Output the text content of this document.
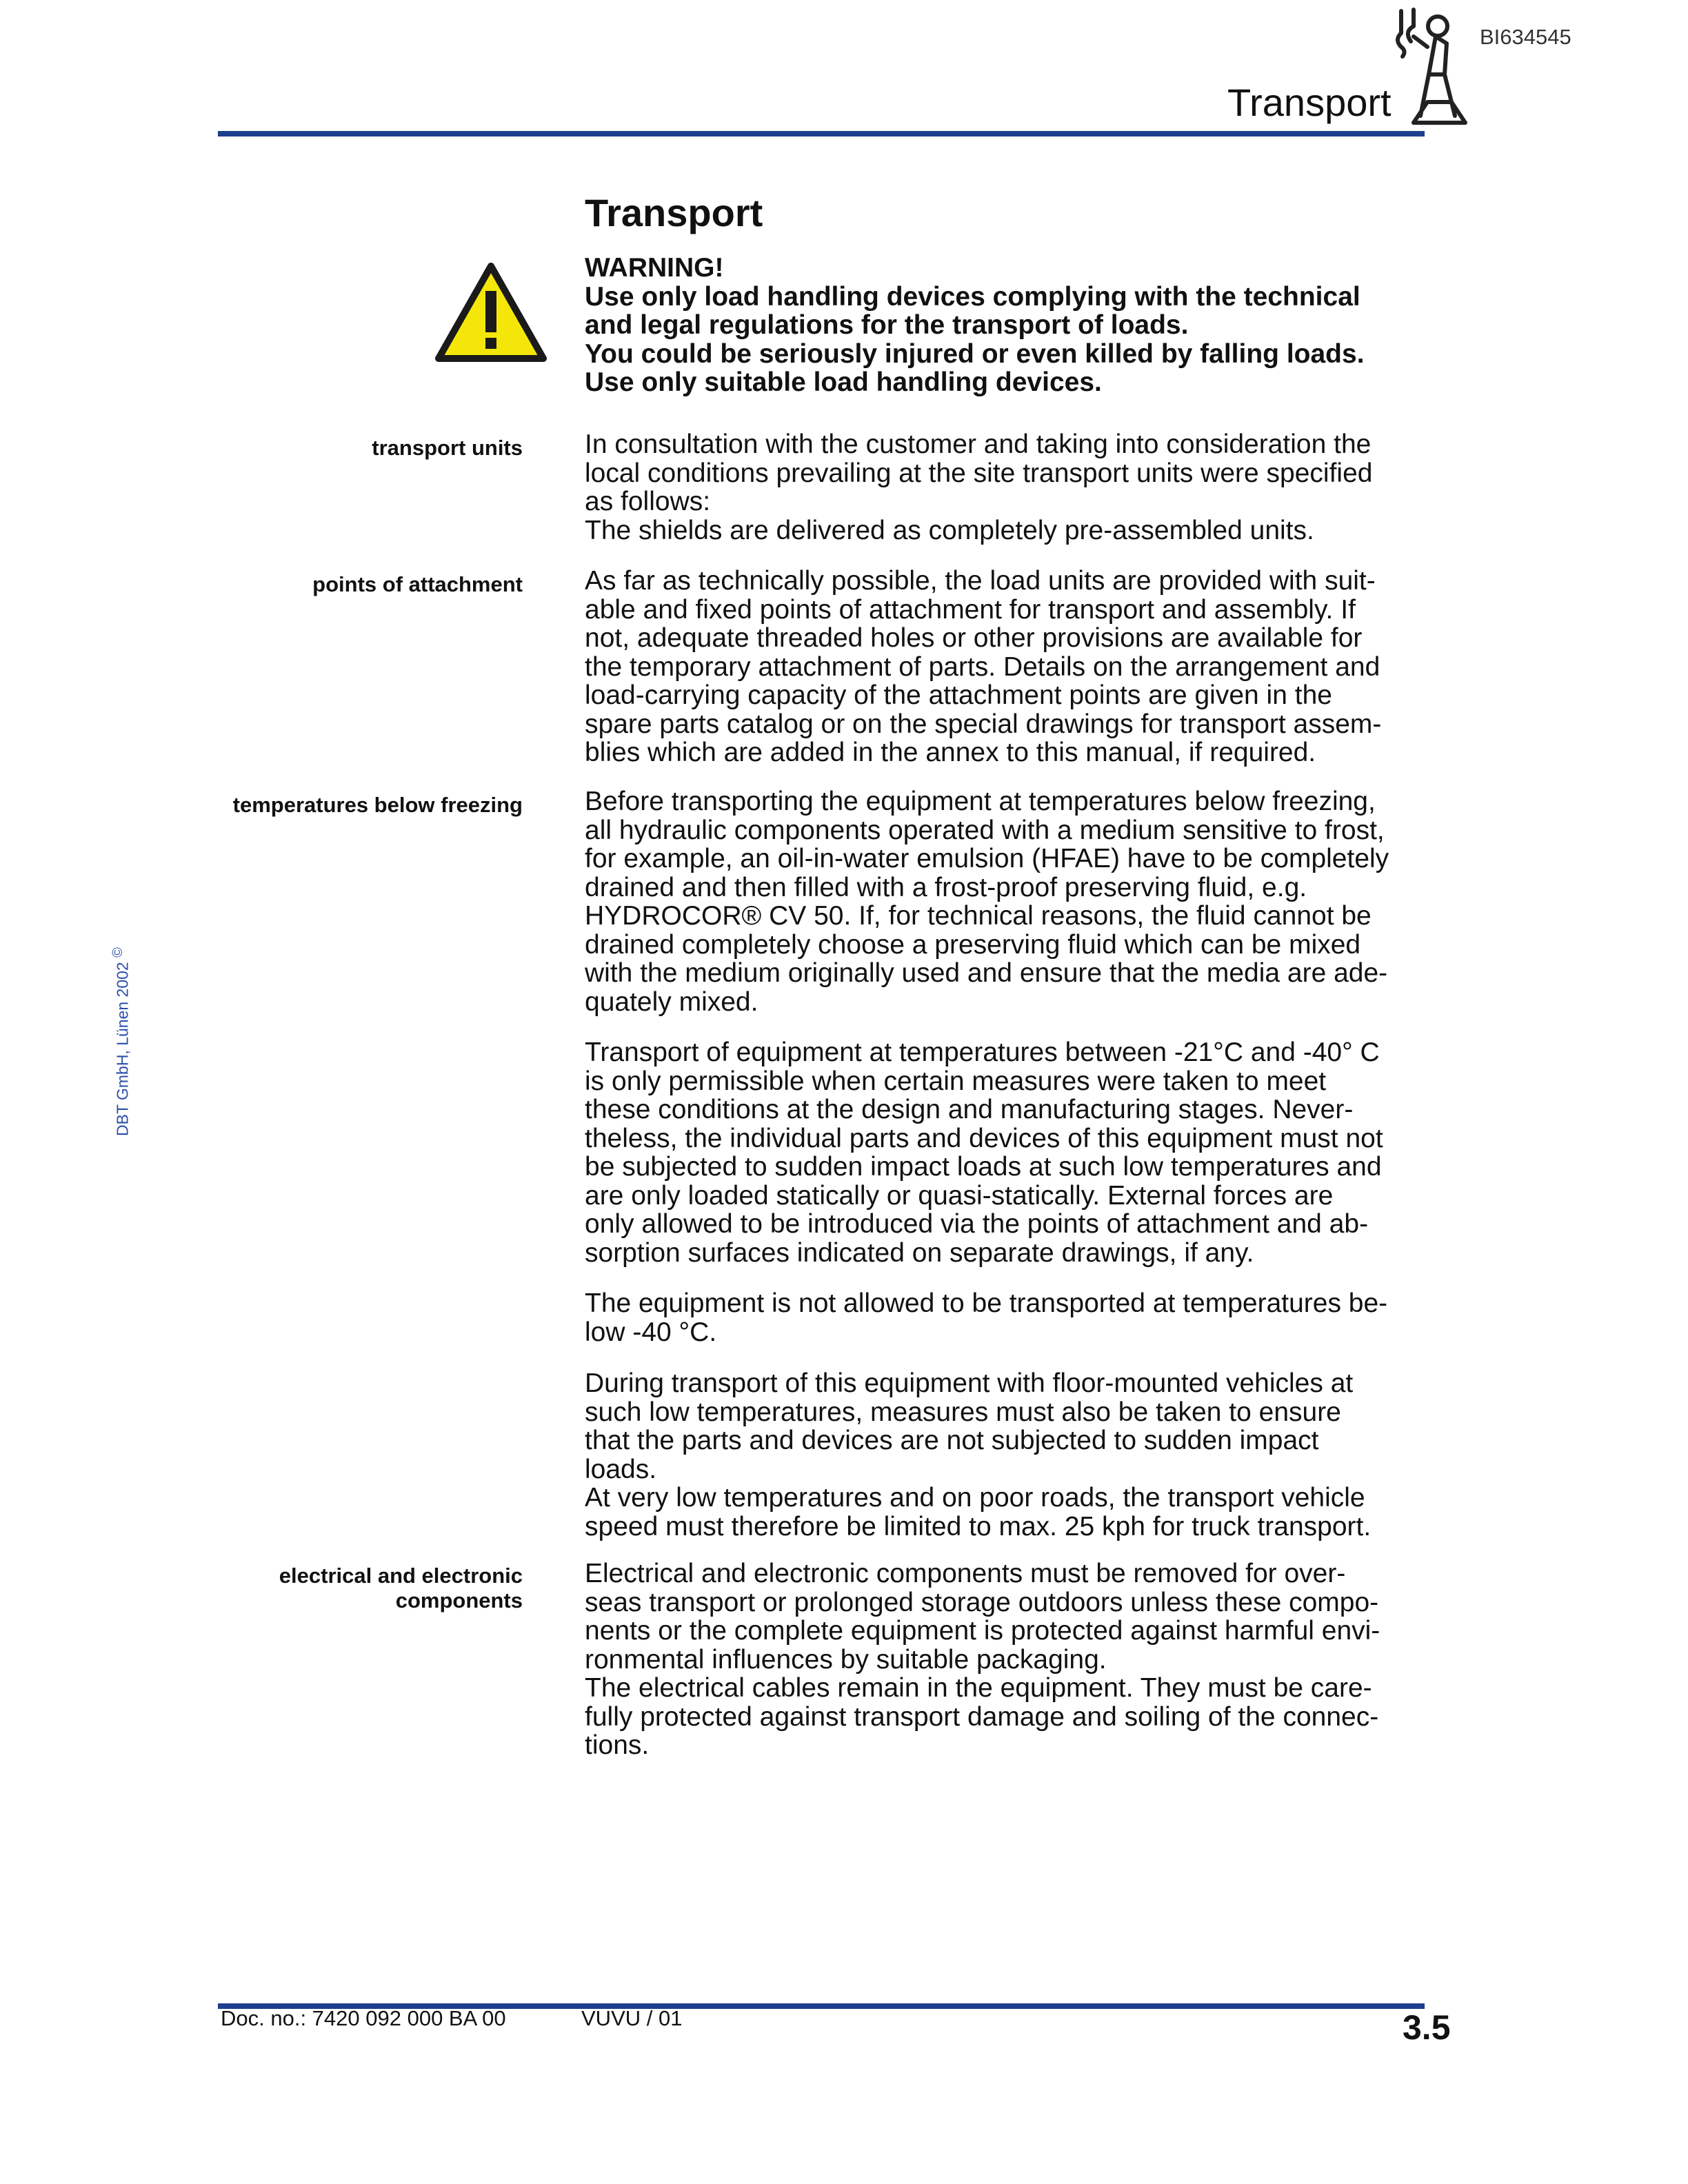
BI634545
Transport
DBT GmbH, Lünen 2002 ©
Transport
WARNING!
Use only load handling devices complying with the technical
and legal regulations for the transport of loads.
You could be seriously injured or even killed by falling loads.
Use only suitable load handling devices.
transport units In consultation with the customer and taking into consideration the
local conditions prevailing at the site transport units were specified
as follows:
The shields are delivered as completely pre-assembled units.
points of attachment As far as technically possible, the load units are provided with suit-
able and fixed points of attachment for transport and assembly. If
not, adequate threaded holes or other provisions are available for
the temporary attachment of parts. Details on the arrangement and
load-carrying capacity of the attachment points are given in the
spare parts catalog or on the special drawings for transport assem-
blies which are added in the annex to this manual, if required.
temperatures below freezing Before transporting the equipment at temperatures below freezing,
all hydraulic components operated with a medium sensitive to frost,
for example, an oil-in-water emulsion (HFAE) have to be completely
drained and then filled with a frost-proof preserving fluid, e.g.
HYDROCOR® CV 50. If, for technical reasons, the fluid cannot be
drained completely choose a preserving fluid which can be mixed
with the medium originally used and ensure that the media are ade-
quately mixed.
Transport of equipment at temperatures between -21°C and -40° C
is only permissible when certain measures were taken to meet
these conditions at the design and manufacturing stages. Never-
theless, the individual parts and devices of this equipment must not
be subjected to sudden impact loads at such low temperatures and
are only loaded statically or quasi-statically. External forces are
only allowed to be introduced via the points of attachment and ab-
sorption surfaces indicated on separate drawings, if any.
The equipment is not allowed to be transported at temperatures be-
low -40 °C.
During transport of this equipment with floor-mounted vehicles at
such low temperatures, measures must also be taken to ensure
that the parts and devices are not subjected to sudden impact
loads.
At very low temperatures and on poor roads, the transport vehicle
speed must therefore be limited to max. 25 kph for truck transport.
electrical and electronic
components
Electrical and electronic components must be removed for over-
seas transport or prolonged storage outdoors unless these compo-
nents or the complete equipment is protected against harmful envi-
ronmental influences by suitable packaging.
The electrical cables remain in the equipment. They must be care-
fully protected against transport damage and soiling of the connec-
tions.
Doc. no.: 7420 092 000 BA 00	VUVU / 01	3.5
